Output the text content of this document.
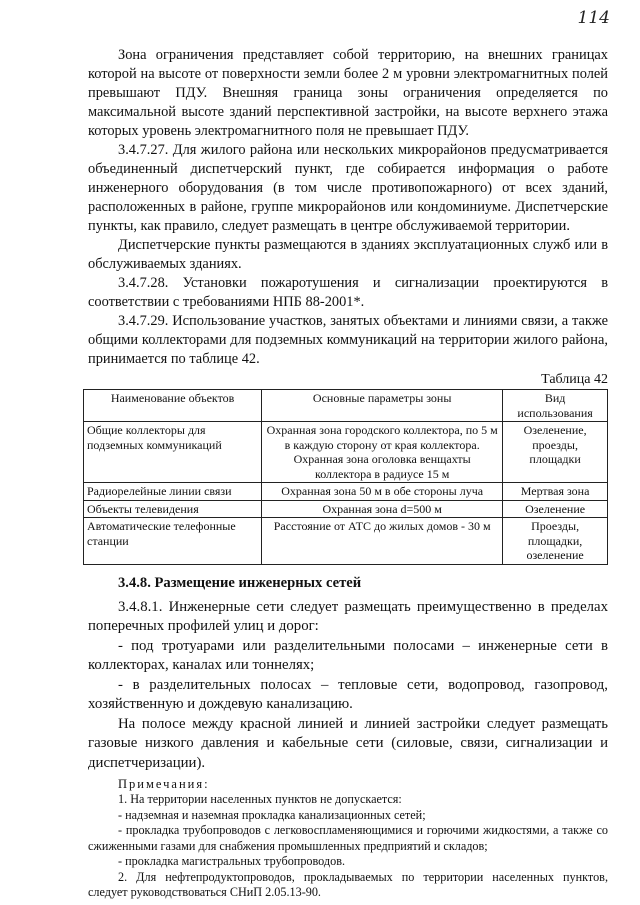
114

Зона ограничения представляет собой территорию, на внешних границах которой на высоте от поверхности земли более 2 м уровни электромагнитных полей превышают ПДУ. Внешняя граница зоны ограничения определяется по максимальной высоте зданий перспективной застройки, на высоте верхнего этажа которых уровень электромагнитного поля не превышает ПДУ.

3.4.7.27. Для жилого района или нескольких микрорайонов предусматривается объединенный диспетчерский пункт, где собирается информация о работе инженерного оборудования (в том числе противопожарного) от всех зданий, расположенных в районе, группе микрорайонов или кондоминиуме. Диспетчерские пункты, как правило, следует размещать в центре обслуживаемой территории.

Диспетчерские пункты размещаются в зданиях эксплуатационных служб или в обслуживаемых зданиях.

3.4.7.28. Установки пожаротушения и сигнализации проектируются в соответствии с требованиями НПБ 88-2001*.

3.4.7.29. Использование участков, занятых объектами и линиями связи, а также общими коллекторами для подземных коммуникаций на территории жилого района, принимается по таблице 42.

Таблица 42
Наименование объектов	Основные параметры зоны	Вид использования
Общие коллекторы для подземных коммуникаций	Охранная зона городского коллектора, по 5 м в каждую сторону от края коллектора. Охранная зона оголовка венщахты коллектора в радиусе 15 м	Озеленение, проезды, площадки
Радиорелейные линии связи	Охранная зона 50 м в обе стороны луча	Мертвая зона
Объекты телевидения	Охранная зона d=500 м	Озеленение
Автоматические телефонные станции	Расстояние от АТС до жилых домов - 30 м	Проезды, площадки, озеленение
3.4.8. Размещение инженерных сетей

3.4.8.1. Инженерные сети следует размещать преимущественно в пределах поперечных профилей улиц и дорог:

- под тротуарами или разделительными полосами – инженерные сети в коллекторах, каналах или тоннелях;

- в разделительных полосах – тепловые сети, водопровод, газопровод, хозяйственную и дождевую канализацию.

На полосе между красной линией и линией застройки следует размещать газовые низкого давления и кабельные сети (силовые, связи, сигнализации и диспетчеризации).

Примечания:

1. На территории населенных пунктов не допускается:

- надземная и наземная прокладка канализационных сетей;

- прокладка трубопроводов с легковоспламеняющимися и горючими жидкостями, а также со сжиженными газами для снабжения промышленных предприятий и складов;

- прокладка магистральных трубопроводов.

2. Для нефтепродуктопроводов, прокладываемых по территории населенных пунктов, следует руководствоваться СНиП 2.05.13-90.
